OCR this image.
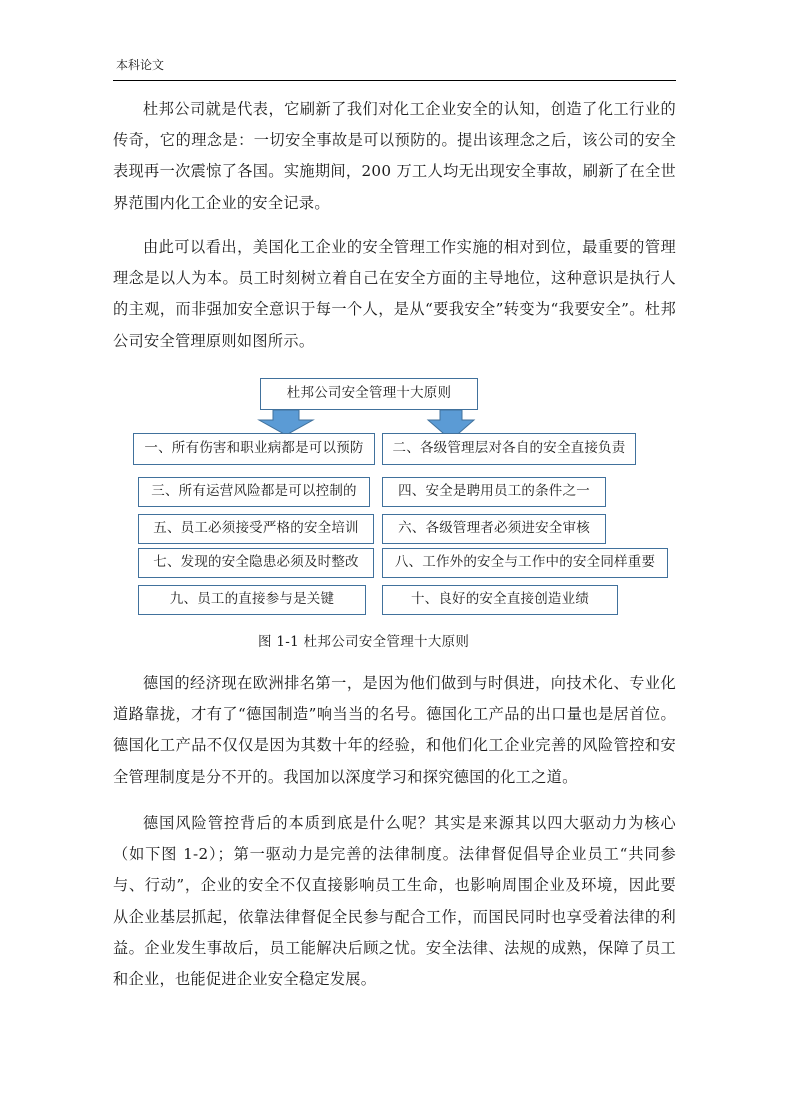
本科论文

杜邦公司就是代表，它刷新了我们对化工企业安全的认知，创造了化工行业的传奇，它的理念是：一切安全事故是可以预防的。提出该理念之后，该公司的安全表现再一次震惊了各国。实施期间，200 万工人均无出现安全事故，刷新了在全世界范围内化工企业的安全记录。

由此可以看出，美国化工企业的安全管理工作实施的相对到位，最重要的管理理念是以人为本。员工时刻树立着自己在安全方面的主导地位，这种意识是执行人的主观，而非强加安全意识于每一个人，是从“要我安全”转变为“我要安全”。杜邦公司安全管理原则如图所示。

杜邦公司安全管理十大原则
一、所有伤害和职业病都是可以预防	二、各级管理层对各自的安全直接负责
三、所有运营风险都是可以控制的	四、安全是聘用员工的条件之一
五、员工必须接受严格的安全培训	六、各级管理者必须进安全审核
七、发现的安全隐患必须及时整改	八、工作外的安全与工作中的安全同样重要
九、员工的直接参与是关键	十、良好的安全直接创造业绩
图 1-1 杜邦公司安全管理十大原则

德国的经济现在欧洲排名第一，是因为他们做到与时俱进，向技术化、专业化道路靠拢，才有了“德国制造”响当当的名号。德国化工产品的出口量也是居首位。德国化工产品不仅仅是因为其数十年的经验，和他们化工企业完善的风险管控和安全管理制度是分不开的。我国加以深度学习和探究德国的化工之道。

德国风险管控背后的本质到底是什么呢？其实是来源其以四大驱动力为核心（如下图 1-2）；第一驱动力是完善的法律制度。法律督促倡导企业员工“共同参与、行动”，企业的安全不仅直接影响员工生命，也影响周围企业及环境，因此要从企业基层抓起，依靠法律督促全民参与配合工作，而国民同时也享受着法律的利益。企业发生事故后，员工能解决后顾之忧。安全法律、法规的成熟，保障了员工和企业，也能促进企业安全稳定发展。
